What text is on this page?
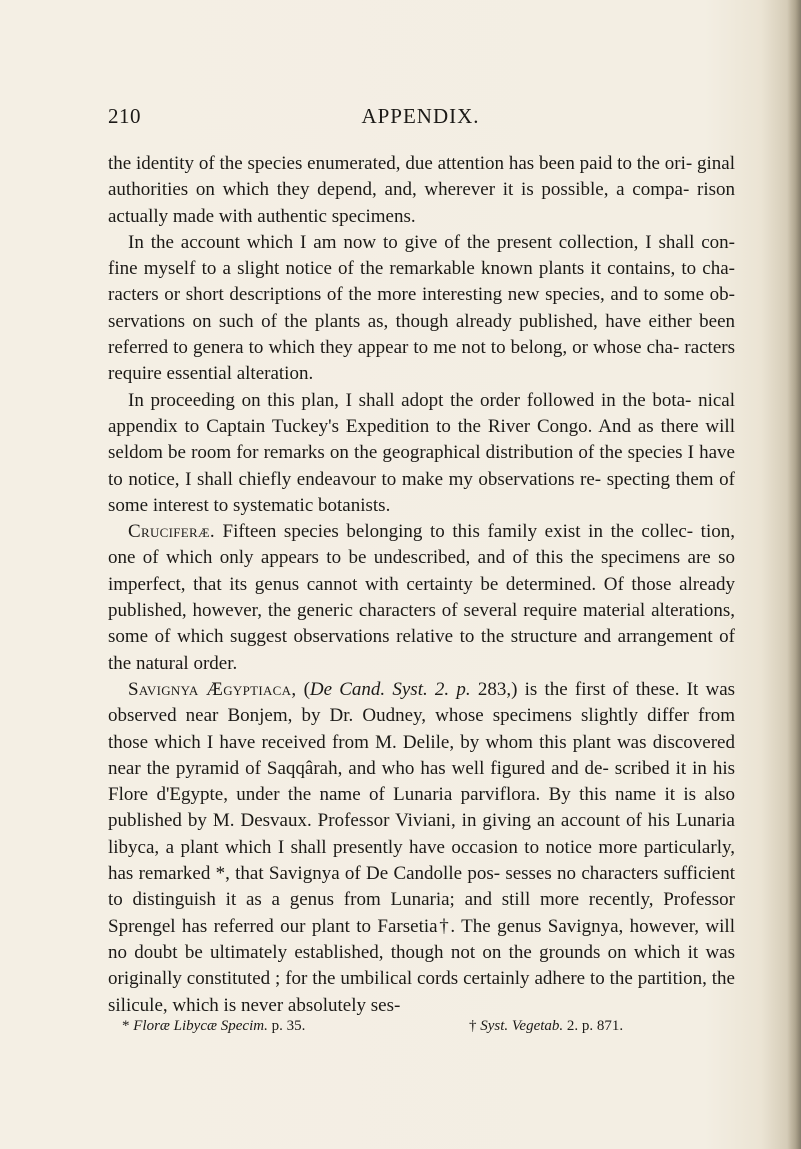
210	APPENDIX.

the identity of the species enumerated, due attention has been paid to the ori- ginal authorities on which they depend, and, wherever it is possible, a compa- rison actually made with authentic specimens.

In the account which I am now to give of the present collection, I shall con- fine myself to a slight notice of the remarkable known plants it contains, to cha- racters or short descriptions of the more interesting new species, and to some ob- servations on such of the plants as, though already published, have either been referred to genera to which they appear to me not to belong, or whose cha- racters require essential alteration.

In proceeding on this plan, I shall adopt the order followed in the bota- nical appendix to Captain Tuckey's Expedition to the River Congo. And as there will seldom be room for remarks on the geographical distribution of the species I have to notice, I shall chiefly endeavour to make my observations re- specting them of some interest to systematic botanists.

Cruciferæ. Fifteen species belonging to this family exist in the collec- tion, one of which only appears to be undescribed, and of this the specimens are so imperfect, that its genus cannot with certainty be determined. Of those already published, however, the generic characters of several require material alterations, some of which suggest observations relative to the structure and arrangement of the natural order.

Savignya Ægyptiaca, (De Cand. Syst. 2. p. 283,) is the first of these. It was observed near Bonjem, by Dr. Oudney, whose specimens slightly differ from those which I have received from M. Delile, by whom this plant was discovered near the pyramid of Saqqârah, and who has well figured and de- scribed it in his Flore d'Egypte, under the name of Lunaria parviflora. By this name it is also published by M. Desvaux. Professor Viviani, in giving an account of his Lunaria libyca, a plant which I shall presently have occasion to notice more particularly, has remarked *, that Savignya of De Candolle pos- sesses no characters sufficient to distinguish it as a genus from Lunaria; and still more recently, Professor Sprengel has referred our plant to Farsetia†. The genus Savignya, however, will no doubt be ultimately established, though not on the grounds on which it was originally constituted ; for the umbilical cords certainly adhere to the partition, the silicule, which is never absolutely ses-

* Floræ Libycæ Specim. p. 35.	† Syst. Vegetab. 2. p. 871.
